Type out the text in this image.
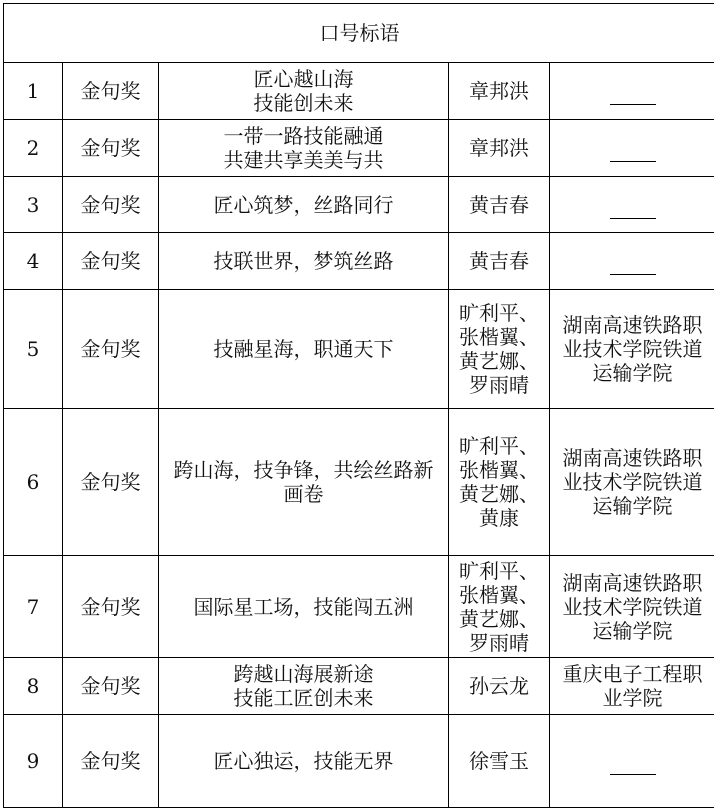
口号标语				
1	金句奖	匠心越山海
技能创未来	章邦洪

2	金句奖	一带一路技能融通
共建共享美美与共	章邦洪

3	金句奖	匠心筑梦，丝路同行	黄吉春

4	金句奖	技联世界，梦筑丝路	黄吉春

5	金句奖	技融星海，职通天下	旷利平、
张楷翼、
黄艺娜、
罗雨晴	湖南高速铁路职
业技术学院铁道
运输学院

6	金句奖	跨山海，技争锋，共绘丝路新
画卷	旷利平、
张楷翼、
黄艺娜、
黄康	湖南高速铁路职
业技术学院铁道
运输学院

7	金句奖	国际星工场，技能闯五洲	旷利平、
张楷翼、
黄艺娜、
罗雨晴	湖南高速铁路职
业技术学院铁道
运输学院

8	金句奖	跨越山海展新途
技能工匠创未来	孙云龙	重庆电子工程职
业学院

9	金句奖	匠心独运，技能无界	徐雪玉
